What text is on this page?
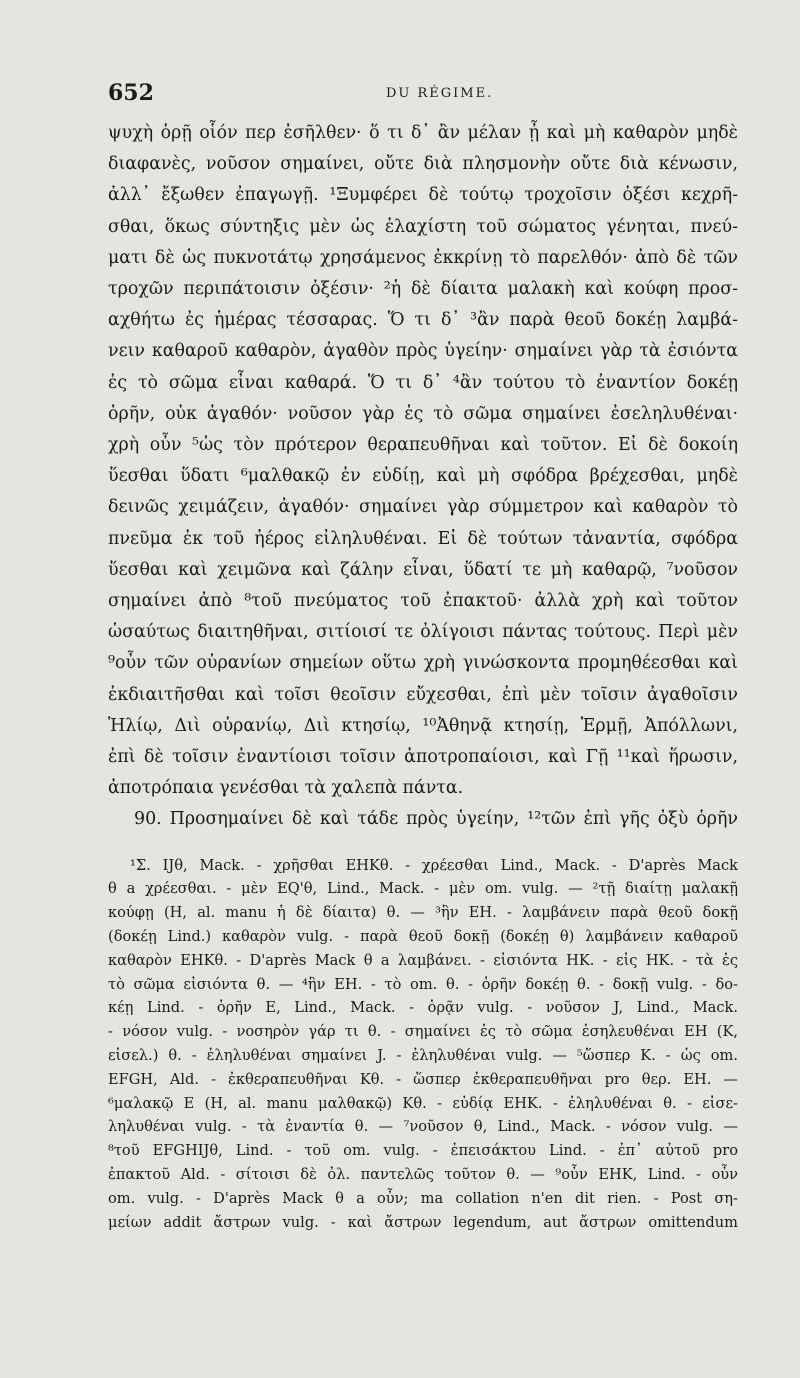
652	DU RÉGIME.
ψυχὴ ὁρῇ οἷόν περ ἐσῆλθεν· ὅ τι δ᾽ ἂν μέλαν ᾖ καὶ μὴ καθαρὸν μηδὲ
διαφανὲς, νοῦσον σημαίνει, οὔτε διὰ πλησμονὴν οὔτε διὰ κένωσιν,
ἀλλ᾽ ἔξωθεν ἐπαγωγῇ. ¹Ξυμφέρει δὲ τούτῳ τροχοῖσιν ὀξέσι κεχρῆ-
σθαι, ὅκως σύντηξις μὲν ὡς ἐλαχίστη τοῦ σώματος γένηται, πνεύ-
ματι δὲ ὡς πυκνοτάτῳ χρησάμενος ἐκκρίνῃ τὸ παρελθόν· ἀπὸ δὲ τῶν
τροχῶν περιπάτοισιν ὀξέσιν· ²ἡ δὲ δίαιτα μαλακὴ καὶ κούφη προσ-
αχθήτω ἐς ἡμέρας τέσσαρας. Ὅ τι δ᾽ ³ἂν παρὰ θεοῦ δοκέῃ λαμβά-
νειν καθαροῦ καθαρὸν, ἀγαθὸν πρὸς ὑγείην· σημαίνει γὰρ τὰ ἐσιόντα
ἐς τὸ σῶμα εἶναι καθαρά. Ὅ τι δ᾽ ⁴ἂν τούτου τὸ ἐναντίον δοκέῃ
ὁρῆν, οὐκ ἀγαθόν· νοῦσον γὰρ ἐς τὸ σῶμα σημαίνει ἐσεληλυθέναι·
χρὴ οὖν ⁵ὡς τὸν πρότερον θεραπευθῆναι καὶ τοῦτον. Εἰ δὲ δοκοίη
ὕεσθαι ὕδατι ⁶μαλθακῷ ἐν εὐδίῃ, καὶ μὴ σφόδρα βρέχεσθαι, μηδὲ
δεινῶς χειμάζειν, ἀγαθόν· σημαίνει γὰρ σύμμετρον καὶ καθαρὸν τὸ
πνεῦμα ἐκ τοῦ ἠέρος εἰληλυθέναι. Εἰ δὲ τούτων τἀναντία, σφόδρα
ὕεσθαι καὶ χειμῶνα καὶ ζάλην εἶναι, ὕδατί τε μὴ καθαρῷ, ⁷νοῦσον
σημαίνει ἀπὸ ⁸τοῦ πνεύματος τοῦ ἐπακτοῦ· ἀλλὰ χρὴ καὶ τοῦτον
ὡσαύτως διαιτηθῆναι, σιτίοισί τε ὀλίγοισι πάντας τούτους. Περὶ μὲν
⁹οὖν τῶν οὐρανίων σημείων οὕτω χρὴ γινώσκοντα προμηθέεσθαι καὶ
ἐκδιαιτῆσθαι καὶ τοῖσι θεοῖσιν εὔχεσθαι, ἐπὶ μὲν τοῖσιν ἀγαθοῖσιν
Ἡλίῳ, Διὶ οὐρανίῳ, Διὶ κτησίῳ, ¹⁰Ἀθηνᾷ κτησίῃ, Ἑρμῇ, Ἀπόλλωνι,
ἐπὶ δὲ τοῖσιν ἐναντίοισι τοῖσιν ἀποτροπαίοισι, καὶ Γῇ ¹¹καὶ ἥρωσιν,
ἀποτρόπαια γενέσθαι τὰ χαλεπὰ πάντα.
90. Προσημαίνει δὲ καὶ τάδε πρὸς ὑγείην, ¹²τῶν ἐπὶ γῆς ὀξὺ ὁρῆν
¹Σ. IJθ, Mack. - χρῆσθαι EHKθ. - χρέεσθαι Lind., Mack. - D'après Mack
θ a χρέεσθαι. - μὲν EQ'θ, Lind., Mack. - μὲν om. vulg. — ²τῇ διαίτῃ μαλακῇ
κούφῃ (H, al. manu ἡ δὲ δίαιτα) θ. — ³ἣν EH. - λαμβάνειν παρὰ θεοῦ δοκῇ
(δοκέῃ Lind.) καθαρὸν vulg. - παρὰ θεοῦ δοκῇ (δοκέῃ θ) λαμβάνειν καθαροῦ
καθαρὸν EHKθ. - D'après Mack θ a λαμβάνει. - εἰσιόντα HK. - εἰς HK. - τὰ ἐς
τὸ σῶμα εἰσιόντα θ. — ⁴ἣν EH. - τὸ om. θ. - ὁρῆν δοκέῃ θ. - δοκῇ vulg. - δο-
κέῃ Lind. - ὁρῆν E, Lind., Mack. - ὁρᾷν vulg. - νοῦσον J, Lind., Mack.
- νόσον vulg. - νοσηρὸν γάρ τι θ. - σημαίνει ἐς τὸ σῶμα ἐσηλευθέναι EH (K,
εἰσελ.) θ. - ἐληλυθέναι σημαίνει J. - ἐληλυθέναι vulg. — ⁵ὥσπερ K. - ὡς om.
EFGH, Ald. - ἐκθεραπευθῆναι Kθ. - ὥσπερ ἐκθεραπευθῆναι pro θερ. EH. —
⁶μαλακῷ E (H, al. manu μαλθακῷ) Kθ. - εὐδίᾳ EHK. - ἐληλυθέναι θ. - εἰσε-
ληλυθέναι vulg. - τὰ ἐναντία θ. — ⁷νοῦσον θ, Lind., Mack. - νόσον vulg. —
⁸τοῦ EFGHIJθ, Lind. - τοῦ om. vulg. - ἐπεισάκτου Lind. - ἐπ᾽ αὐτοῦ pro
ἐπακτοῦ Ald. - σίτοισι δὲ ὀλ. παντελῶς τοῦτον θ. — ⁹οὖν EHK, Lind. - οὖν
om. vulg. - D'après Mack θ a οὖν; ma collation n'en dit rien. - Post ση-
μείων addit ἄστρων vulg. - καὶ ἄστρων legendum, aut ἄστρων omittendum
